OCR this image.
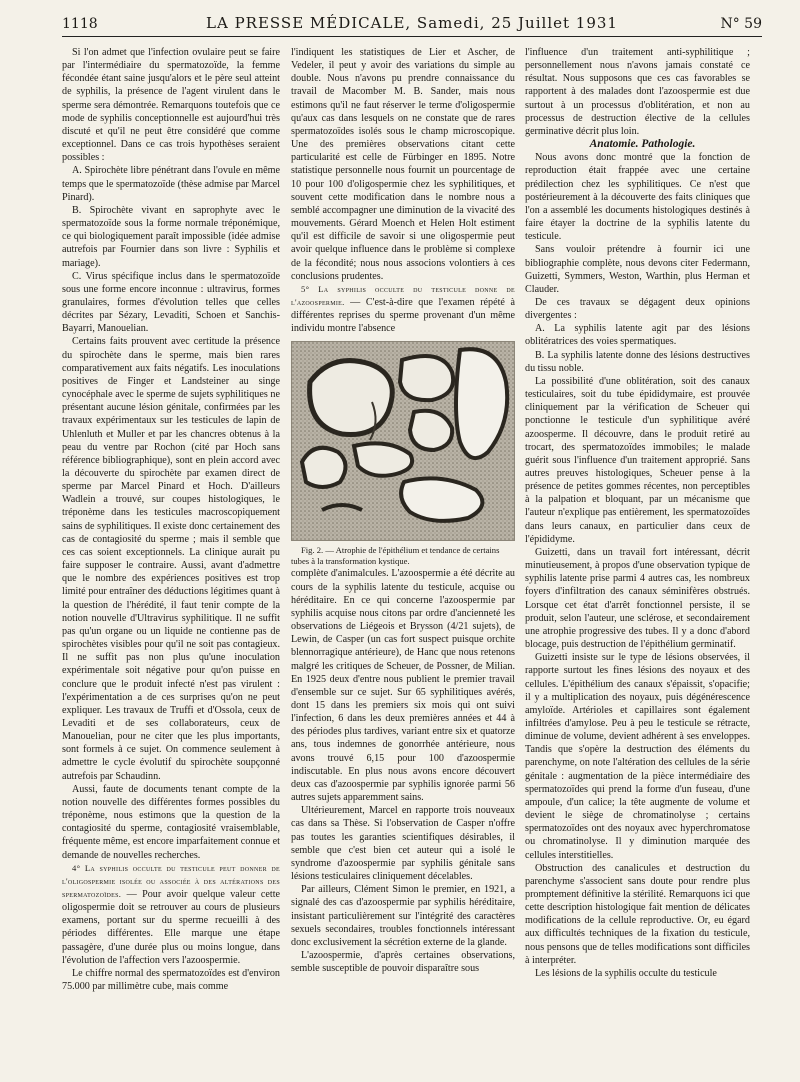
1118	LA PRESSE MÉDICALE, Samedi, 25 Juillet 1931	N° 59

Si l'on admet que l'infection ovulaire peut se faire par l'intermédiaire du spermatozoïde, la femme fécondée étant saine jusqu'alors et le père seul atteint de syphilis, la présence de l'agent virulent dans le sperme sera démontrée. Remarquons toutefois que ce mode de syphilis conceptionnelle est aujourd'hui très discuté et qu'il ne peut être considéré que comme exceptionnel. Dans ce cas trois hypothèses seraient possibles :

A. Spirochète libre pénétrant dans l'ovule en même temps que le spermatozoïde (thèse admise par Marcel Pinard).

B. Spirochète vivant en saprophyte avec le spermatozoïde sous la forme normale tréponémique, ce qui biologiquement paraît impossible (idée admise autrefois par Fournier dans son livre : Syphilis et mariage).

C. Virus spécifique inclus dans le spermatozoïde sous une forme encore inconnue : ultravirus, formes granulaires, formes d'évolution telles que celles décrites par Sézary, Levaditi, Schoen et Sanchis-Bayarri, Manouelian.

Certains faits prouvent avec certitude la présence du spirochète dans le sperme, mais bien rares comparativement aux faits négatifs. Les inoculations positives de Finger et Landsteiner au singe cynocéphale avec le sperme de sujets syphilitiques ne présentant aucune lésion génitale, confirmées par les travaux expérimentaux sur les testicules de lapin de Uhlenluth et Muller et par les chancres obtenus à la peau du ventre par Rochon (cité par Hoch sans référence bibliographique), sont en plein accord avec la découverte du spirochète par examen direct de sperme par Marcel Pinard et Hoch. D'ailleurs Wadlein a trouvé, sur coupes histologiques, le tréponème dans les testicules macroscopiquement sains de syphilitiques. Il existe donc certainement des cas de contagiosité du sperme ; mais il semble que ces cas soient exceptionnels. La clinique aurait pu faire supposer le contraire. Aussi, avant d'admettre que le nombre des expériences positives est trop limité pour entraîner des déductions légitimes quant à la question de l'hérédité, il faut tenir compte de la notion nouvelle d'Ultravirus syphilitique. Il ne suffit pas qu'un organe ou un liquide ne contienne pas de spirochètes visibles pour qu'il ne soit pas contagieux. Il ne suffit pas non plus qu'une inoculation expérimentale soit négative pour qu'on puisse en conclure que le produit infecté n'est pas virulent : l'expérimentation a de ces surprises qu'on ne peut expliquer. Les travaux de Truffi et d'Ossola, ceux de Levaditi et de ses collaborateurs, ceux de Manouelian, pour ne citer que les plus importants, sont formels à ce sujet. On commence seulement à admettre le cycle évolutif du spirochète soupçonné autrefois par Schaudinn.

Aussi, faute de documents tenant compte de la notion nouvelle des différentes formes possibles du tréponème, nous estimons que la question de la contagiosité du sperme, contagiosité vraisemblable, fréquente même, est encore imparfaitement connue et demande de nouvelles recherches.

4° La syphilis occulte du testicule peut donner de l'oligospermie isolée ou associée à des altérations des spermatozoïdes. — Pour avoir quelque valeur cette oligospermie doit se retrouver au cours de plusieurs examens, portant sur du sperme recueilli à des périodes différentes. Elle marque une étape passagère, d'une durée plus ou moins longue, dans l'évolution de l'affection vers l'azoospermie.

Le chiffre normal des spermatozoïdes est d'environ 75.000 par millimètre cube, mais comme

l'indiquent les statistiques de Lier et Ascher, de Vedeler, il peut y avoir des variations du simple au double. Nous n'avons pu prendre connaissance du travail de Macomber M. B. Sander, mais nous estimons qu'il ne faut réserver le terme d'oligospermie qu'aux cas dans lesquels on ne constate que de rares spermatozoïdes isolés sous le champ microscopique. Une des premières observations citant cette particularité est celle de Fürbinger en 1895. Notre statistique personnelle nous fournit un pourcentage de 10 pour 100 d'oligospermie chez les syphilitiques, et souvent cette modification dans le nombre nous a semblé accompagner une diminution de la vivacité des mouvements. Gérard Moench et Helen Holt estiment qu'il est difficile de savoir si une oligospermie peut avoir quelque influence dans le problème si complexe de la fécondité; nous nous associons volontiers à ces conclusions prudentes.

5° La syphilis occulte du testicule donne de l'azoospermie. — C'est-à-dire que l'examen répété à différentes reprises du sperme provenant d'un même individu montre l'absence

Fig. 2. — Atrophie de l'épithélium et tendance de certains tubes à la transformation kystique.

complète d'animalcules. L'azoospermie a été décrite au cours de la syphilis latente du testicule, acquise ou héréditaire. En ce qui concerne l'azoospermie par syphilis acquise nous citons par ordre d'ancienneté les observations de Liégeois et Brysson (4/21 sujets), de Lewin, de Casper (un cas fort suspect puisque orchite blennorragique antérieure), de Hanc que nous retenons malgré les critiques de Scheuer, de Possner, de Milian. En 1925 deux d'entre nous publient le premier travail d'ensemble sur ce sujet. Sur 65 syphilitiques avérés, dont 15 dans les premiers six mois qui ont suivi l'infection, 6 dans les deux premières années et 44 à des périodes plus tardives, variant entre six et quatorze ans, tous indemnes de gonorrhée antérieure, nous avons trouvé 6,15 pour 100 d'azoospermie indiscutable. En plus nous avons encore découvert deux cas d'azoospermie par syphilis ignorée parmi 56 autres sujets apparemment sains.

Ultérieurement, Marcel en rapporte trois nouveaux cas dans sa Thèse. Si l'observation de Casper n'offre pas toutes les garanties scientifiques désirables, il semble que c'est bien cet auteur qui a isolé le syndrome d'azoospermie par syphilis génitale sans lésions testiculaires cliniquement décelables.

Par ailleurs, Clément Simon le premier, en 1921, a signalé des cas d'azoospermie par syphilis héréditaire, insistant particulièrement sur l'intégrité des caractères sexuels secondaires, troubles fonctionnels intéressant donc exclusivement la sécrétion externe de la glande.

L'azoospermie, d'après certaines observations, semble susceptible de pouvoir disparaître sous

l'influence d'un traitement anti-syphilitique ; personnellement nous n'avons jamais constaté ce résultat. Nous supposons que ces cas favorables se rapportent à des malades dont l'azoospermie est due surtout à un processus d'oblitération, et non au processus de destruction élective de la cellules germinative décrit plus loin.

Anatomie. Pathologie.

Nous avons donc montré que la fonction de reproduction était frappée avec une certaine prédilection chez les syphilitiques. Ce n'est que postérieurement à la découverte des faits cliniques que l'on a assemblé les documents histologiques destinés à faire étayer la doctrine de la syphilis latente du testicule.

Sans vouloir prétendre à fournir ici une bibliographie complète, nous devons citer Federmann, Guizetti, Symmers, Weston, Warthin, plus Herman et Clauder.

De ces travaux se dégagent deux opinions divergentes :

A. La syphilis latente agit par des lésions oblitératrices des voies spermatiques.

B. La syphilis latente donne des lésions destructives du tissu noble.

La possibilité d'une oblitération, soit des canaux testiculaires, soit du tube épididymaire, est prouvée cliniquement par la vérification de Scheuer qui ponctionne le testicule d'un syphilitique avéré azoosperme. Il découvre, dans le produit retiré au trocart, des spermatozoïdes immobiles; le malade guérit sous l'influence d'un traitement approprié. Sans autres preuves histologiques, Scheuer pense à la présence de petites gommes récentes, non perceptibles à la palpation et bloquant, par un mécanisme que l'auteur n'explique pas entièrement, les spermatozoïdes dans leurs canaux, en particulier dans ceux de l'épididyme.

Guizetti, dans un travail fort intéressant, décrit minutieusement, à propos d'une observation typique de syphilis latente prise parmi 4 autres cas, les nombreux foyers d'infiltration des canaux séminifères obstrués. Lorsque cet état d'arrêt fonctionnel persiste, il se produit, selon l'auteur, une sclérose, et secondairement une atrophie progressive des tubes. Il y a donc d'abord blocage, puis destruction de l'épithélium germinatif.

Guizetti insiste sur le type de lésions observées, il rapporte surtout les fines lésions des noyaux et des cellules. L'épithélium des canaux s'épaissit, s'opacifie; il y a multiplication des noyaux, puis dégénérescence amyloïde. Artérioles et capillaires sont également infiltrées d'amylose. Peu à peu le testicule se rétracte, diminue de volume, devient adhérent à ses enveloppes. Tandis que s'opère la destruction des éléments du parenchyme, on note l'altération des cellules de la série génitale : augmentation de la pièce intermédiaire des spermatozoïdes qui prend la forme d'un fuseau, d'une ampoule, d'un calice; la tête augmente de volume et devient le siège de chromatinolyse ; certains spermatozoïdes ont des noyaux avec hyperchromatose ou chromatinolyse. Il y diminution marquée des cellules interstitielles.

Obstruction des canalicules et destruction du parenchyme s'associent sans doute pour rendre plus promptement définitive la stérilité. Remarquons ici que cette description histologique fait mention de délicates modifications de la cellule reproductive. Or, eu égard aux difficultés techniques de la fixation du testicule, nous pensons que de telles modifications sont difficiles à interpréter.

Les lésions de la syphilis occulte du testicule
